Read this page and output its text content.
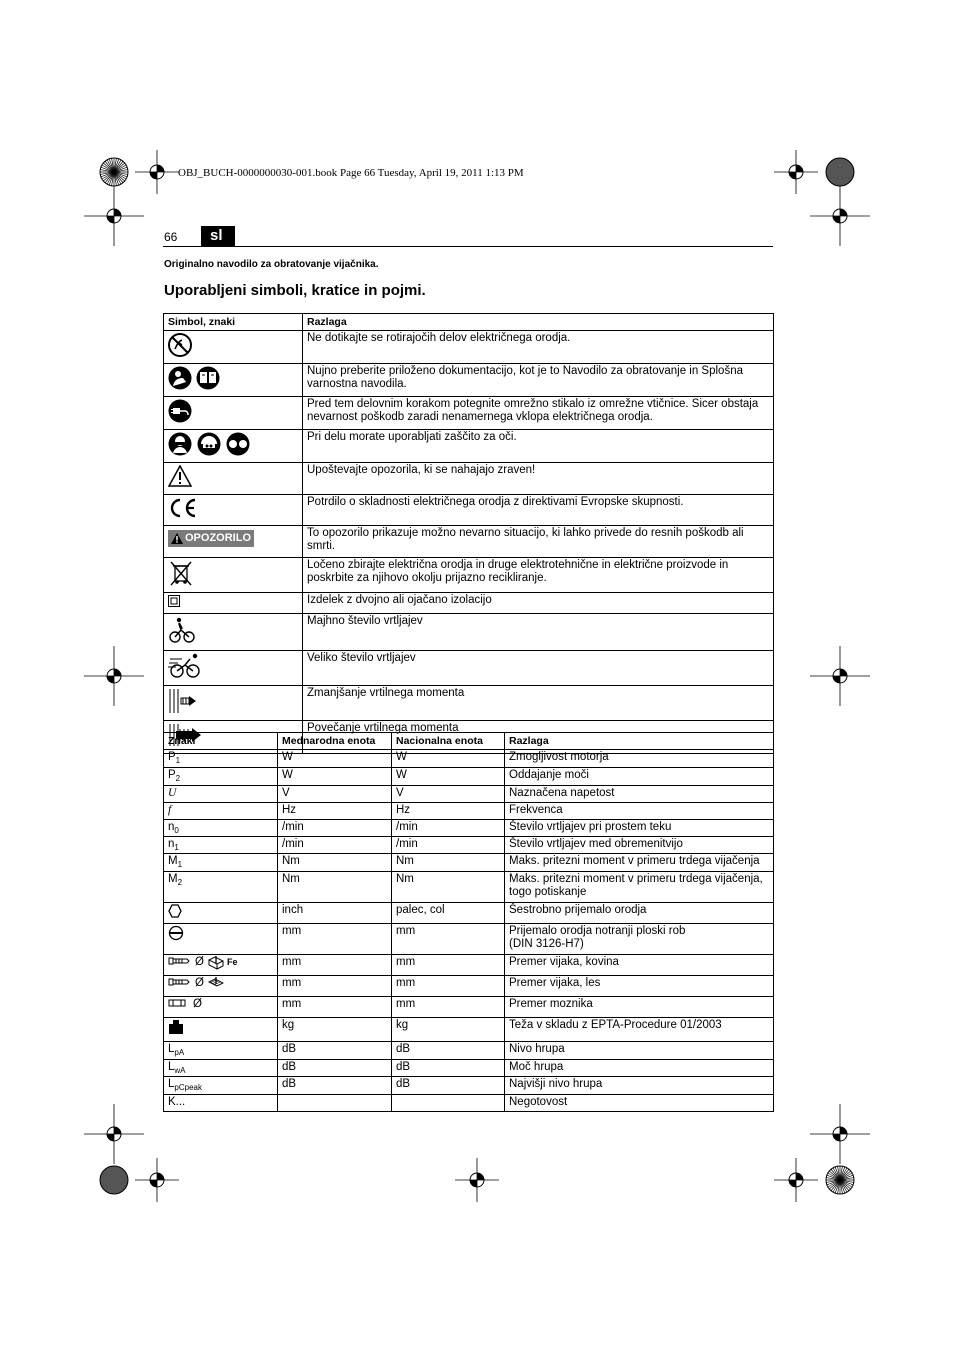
OBJ_BUCH-0000000030-001.book Page 66 Tuesday, April 19, 2011 1:13 PM
66	sl
Originalno navodilo za obratovanje vijačnika.
Uporabljeni simboli, kratice in pojmi.
Simbol, znaki	Razlaga
	Ne dotikajte se rotirajočih delov električnega orodja.
	Nujno preberite priloženo dokumentacijo, kot je to Navodilo za obratovanje in Splošna varnostna navodila.
	Pred tem delovnim korakom potegnite omrežno stikalo iz omrežne vtičnice. Sicer obstaja nevarnost poškodb zaradi nenamernega vklopa električnega orodja.
	Pri delu morate uporabljati zaščito za oči.
	Upoštevajte opozorila, ki se nahajajo zraven!
	Potrdilo o skladnosti električnega orodja z direktivami Evropske skupnosti.

OPOZORILO	To opozorilo prikazuje možno nevarno situacijo, ki lahko privede do resnih poškodb ali smrti.
	Ločeno zbirajte električna orodja in druge elektrotehnične in električne proizvode in poskrbite za njihovo okolju prijazno recikliranje.
	Izdelek z dvojno ali ojačano izolacijo
	Majhno število vrtljajev
	Veliko število vrtljajev
	Zmanjšanje vrtilnega momenta
	Povečanje vrtilnega momenta
Znaki	Mednarodna enota	Nacionalna enota	Razlaga
$P_1$	W	W	Zmogljivost motorja
$P_2$	W	W	Oddajanje moči
U	V	V	Naznačena napetost
f	Hz	Hz	Frekvenca
$n_0$	/min	/min	Število vrtljajev pri prostem teku
$n_1$	/min	/min	Število vrtljajev med obremenitvijo
$M_1$	Nm	Nm	Maks. pritezni moment v primeru trdega vijačenja
$M_2$	Nm	Nm	Maks. pritezni moment v primeru trdega vijačenja, togo potiskanje
	inch	palec, col	Šestrobno prijemalo orodja
	mm	mm	Prijemalo orodja notranji ploski rob
(DIN 3126-H7)
Ø Fe	mm	mm	Premer vijaka, kovina
Ø	mm	mm	Premer vijaka, les
Ø	mm	mm	Premer moznika
	kg	kg	Teža v skladu z EPTA-Procedure 01/2003
$L_{pA}$	dB	dB	Nivo hrupa
$L_{wA}$	dB	dB	Moč hrupa
$L_{pCpeak}$	dB	dB	Najvišji nivo hrupa
K...			Negotovost
